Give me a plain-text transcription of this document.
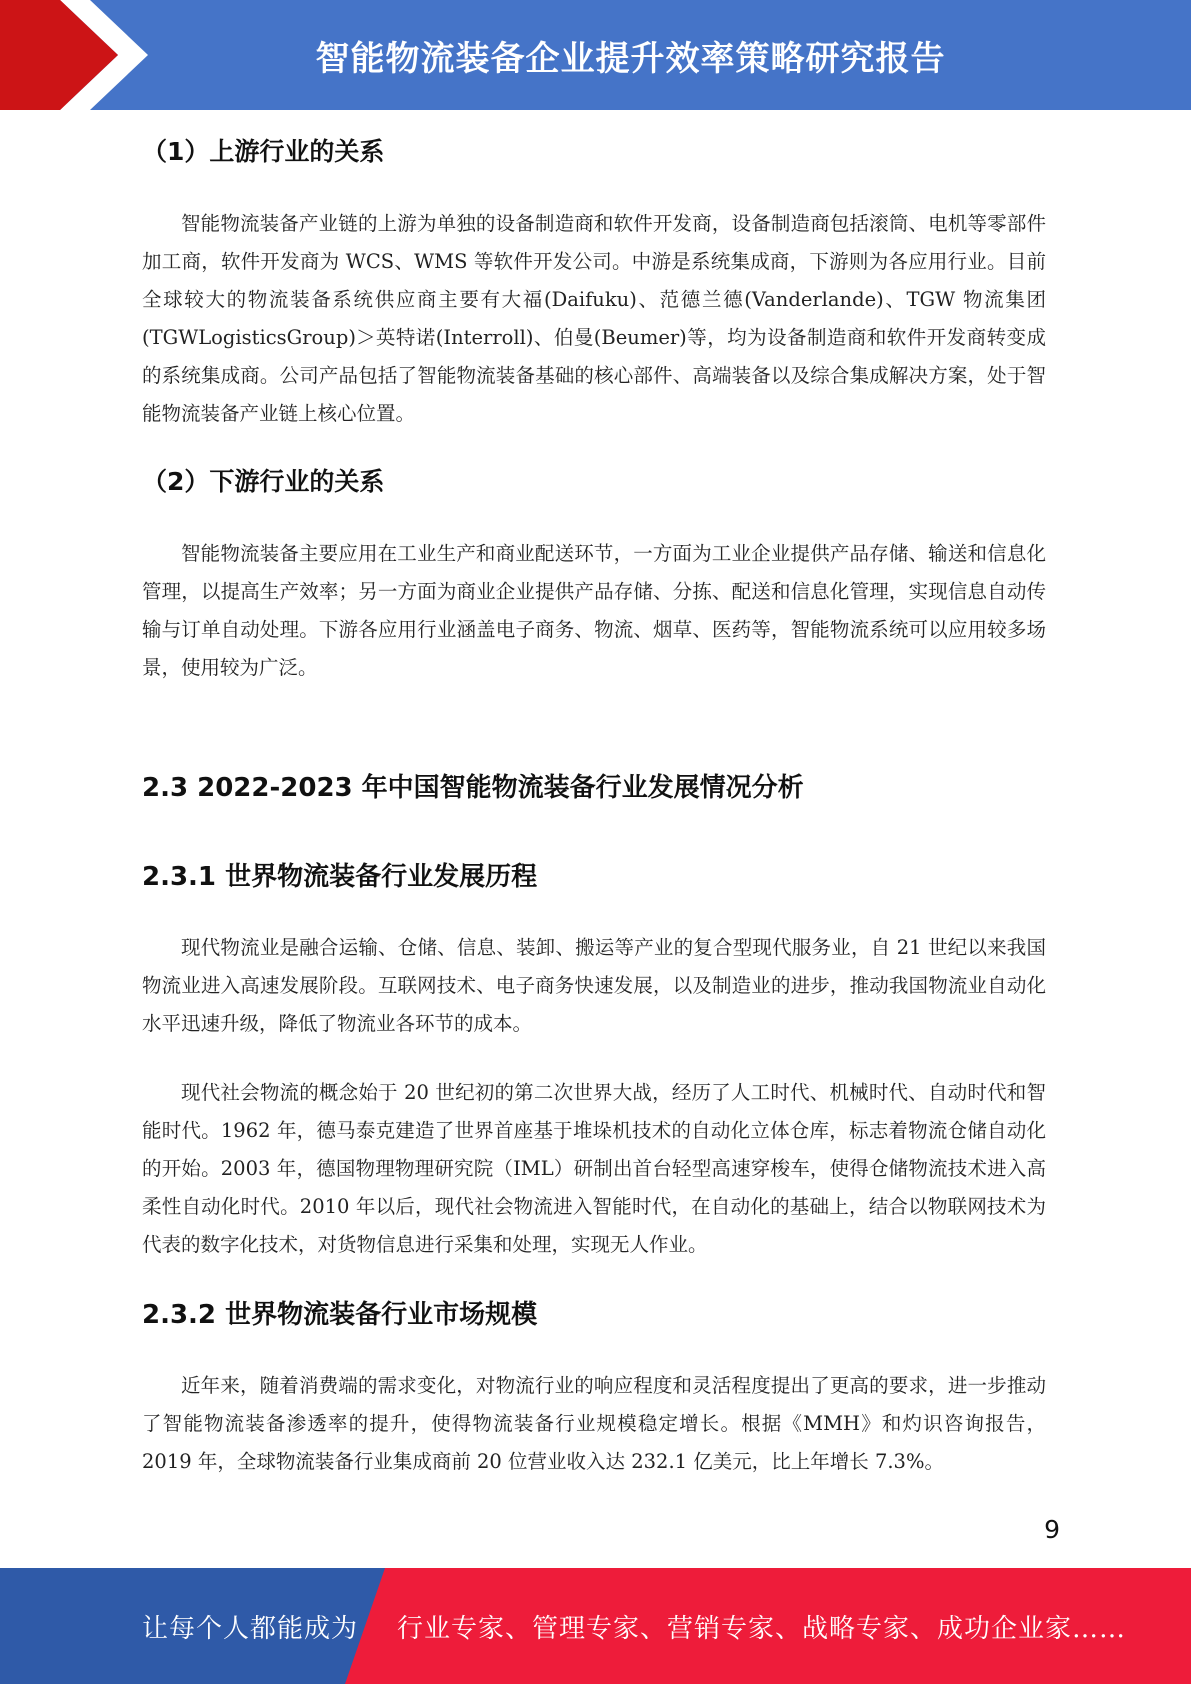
智能物流装备企业提升效率策略研究报告
（1）上游行业的关系

智能物流装备产业链的上游为单独的设备制造商和软件开发商，设备制造商包括滚筒、电机等零部件加工商，软件开发商为 WCS、WMS 等软件开发公司。中游是系统集成商，下游则为各应用行业。目前全球较大的物流装备系统供应商主要有大福(Daifuku)、范德兰德(Vanderlande)、TGW 物流集团(TGWLogisticsGroup)＞英特诺(Interroll)、伯曼(Beumer)等，均为设备制造商和软件开发商转变成的系统集成商。公司产品包括了智能物流装备基础的核心部件、高端装备以及综合集成解决方案，处于智能物流装备产业链上核心位置。

（2）下游行业的关系

智能物流装备主要应用在工业生产和商业配送环节，一方面为工业企业提供产品存储、输送和信息化管理，以提高生产效率；另一方面为商业企业提供产品存储、分拣、配送和信息化管理，实现信息自动传输与订单自动处理。下游各应用行业涵盖电子商务、物流、烟草、医药等，智能物流系统可以应用较多场景，使用较为广泛。

2.3 2022-2023 年中国智能物流装备行业发展情况分析
2.3.1 世界物流装备行业发展历程

现代物流业是融合运输、仓储、信息、装卸、搬运等产业的复合型现代服务业，自 21 世纪以来我国物流业进入高速发展阶段。互联网技术、电子商务快速发展，以及制造业的进步，推动我国物流业自动化水平迅速升级，降低了物流业各环节的成本。

现代社会物流的概念始于 20 世纪初的第二次世界大战，经历了人工时代、机械时代、自动时代和智能时代。1962 年，德马泰克建造了世界首座基于堆垛机技术的自动化立体仓库，标志着物流仓储自动化的开始。2003 年，德国物理物理研究院（IML）研制出首台轻型高速穿梭车，使得仓储物流技术进入高柔性自动化时代。2010 年以后，现代社会物流进入智能时代，在自动化的基础上，结合以物联网技术为代表的数字化技术，对货物信息进行采集和处理，实现无人作业。

2.3.2 世界物流装备行业市场规模

近年来，随着消费端的需求变化，对物流行业的响应程度和灵活程度提出了更高的要求，进一步推动了智能物流装备渗透率的提升，使得物流装备行业规模稳定增长。根据《MMH》和灼识咨询报告，2019 年，全球物流装备行业集成商前 20 位营业收入达 232.1 亿美元，比上年增长 7.3%。

9
让每个人都能成为 行业专家、管理专家、营销专家、战略专家、成功企业家……
